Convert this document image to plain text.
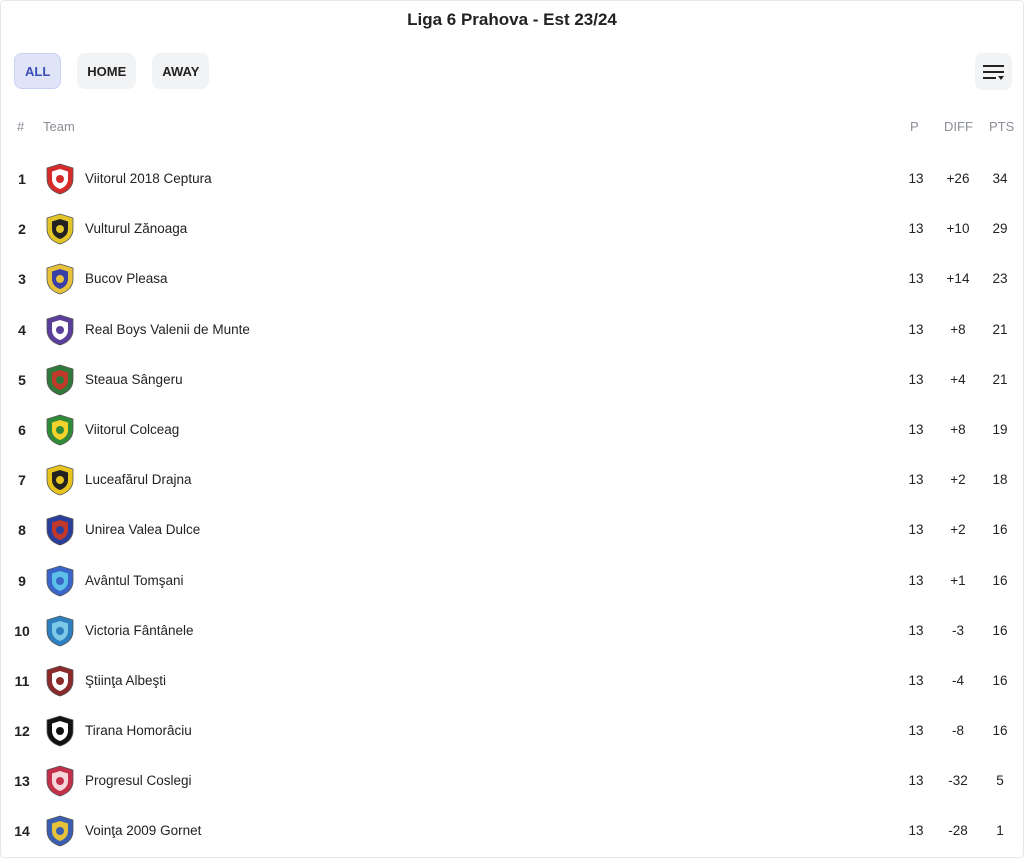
Liga 6 Prahova - Est 23/24
ALL	HOME	AWAY
# Team	P DIFF PTS
1	Viitorul 2018 Ceptura	13	+26	34
2	Vulturul Zănoaga	13	+10	29
3	Bucov Pleasa	13	+14	23
4	Real Boys Valenii de Munte	13	+8	21
5	Steaua Sângeru	13	+4	21
6	Viitorul Colceag	13	+8	19
7	Luceafărul Drajna	13	+2	18
8	Unirea Valea Dulce	13	+2	16
9	Avântul Tomşani	13	+1	16
10	Victoria Fântânele	13	-3	16
11	Ştiinţa Albeşti	13	-4	16
12	Tirana Homorâciu	13	-8	16
13	Progresul Coslegi	13	-32	5
14	Voinţa 2009 Gornet	13	-28	1
